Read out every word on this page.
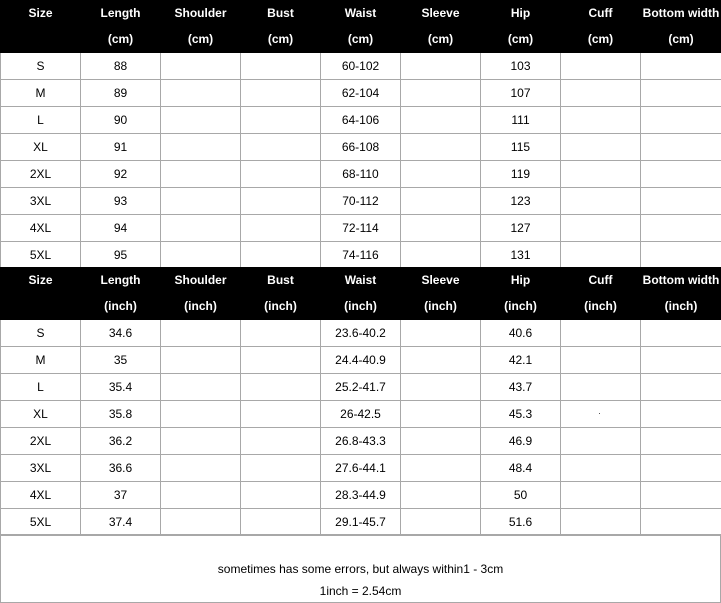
Size	Length	Shoulder	Bust	Waist	Sleeve	Hip	Cuff	Bottom width
	(cm)	(cm)	(cm)	(cm)	(cm)	(cm)	(cm)	(cm)
S	88			60-102		103		
M	89			62-104		107		
L	90			64-106		111		
XL	91			66-108		115		
2XL	92			68-110		119		
3XL	93			70-112		123		
4XL	94			72-114		127		
5XL	95			74-116		131		
Size	Length	Shoulder	Bust	Waist	Sleeve	Hip	Cuff	Bottom width
	(inch)	(inch)	(inch)	(inch)	(inch)	(inch)	(inch)	(inch)
S	34.6			23.6-40.2		40.6		
M	35			24.4-40.9		42.1		
L	35.4			25.2-41.7		43.7		
XL	35.8			26-42.5		45.3		
2XL	36.2			26.8-43.3		46.9		
3XL	36.6			27.6-44.1		48.4		
4XL	37			28.3-44.9		50		
5XL	37.4			29.1-45.7		51.6		
sometimes has some errors, but always within1 - 3cm
1inch = 2.54cm
